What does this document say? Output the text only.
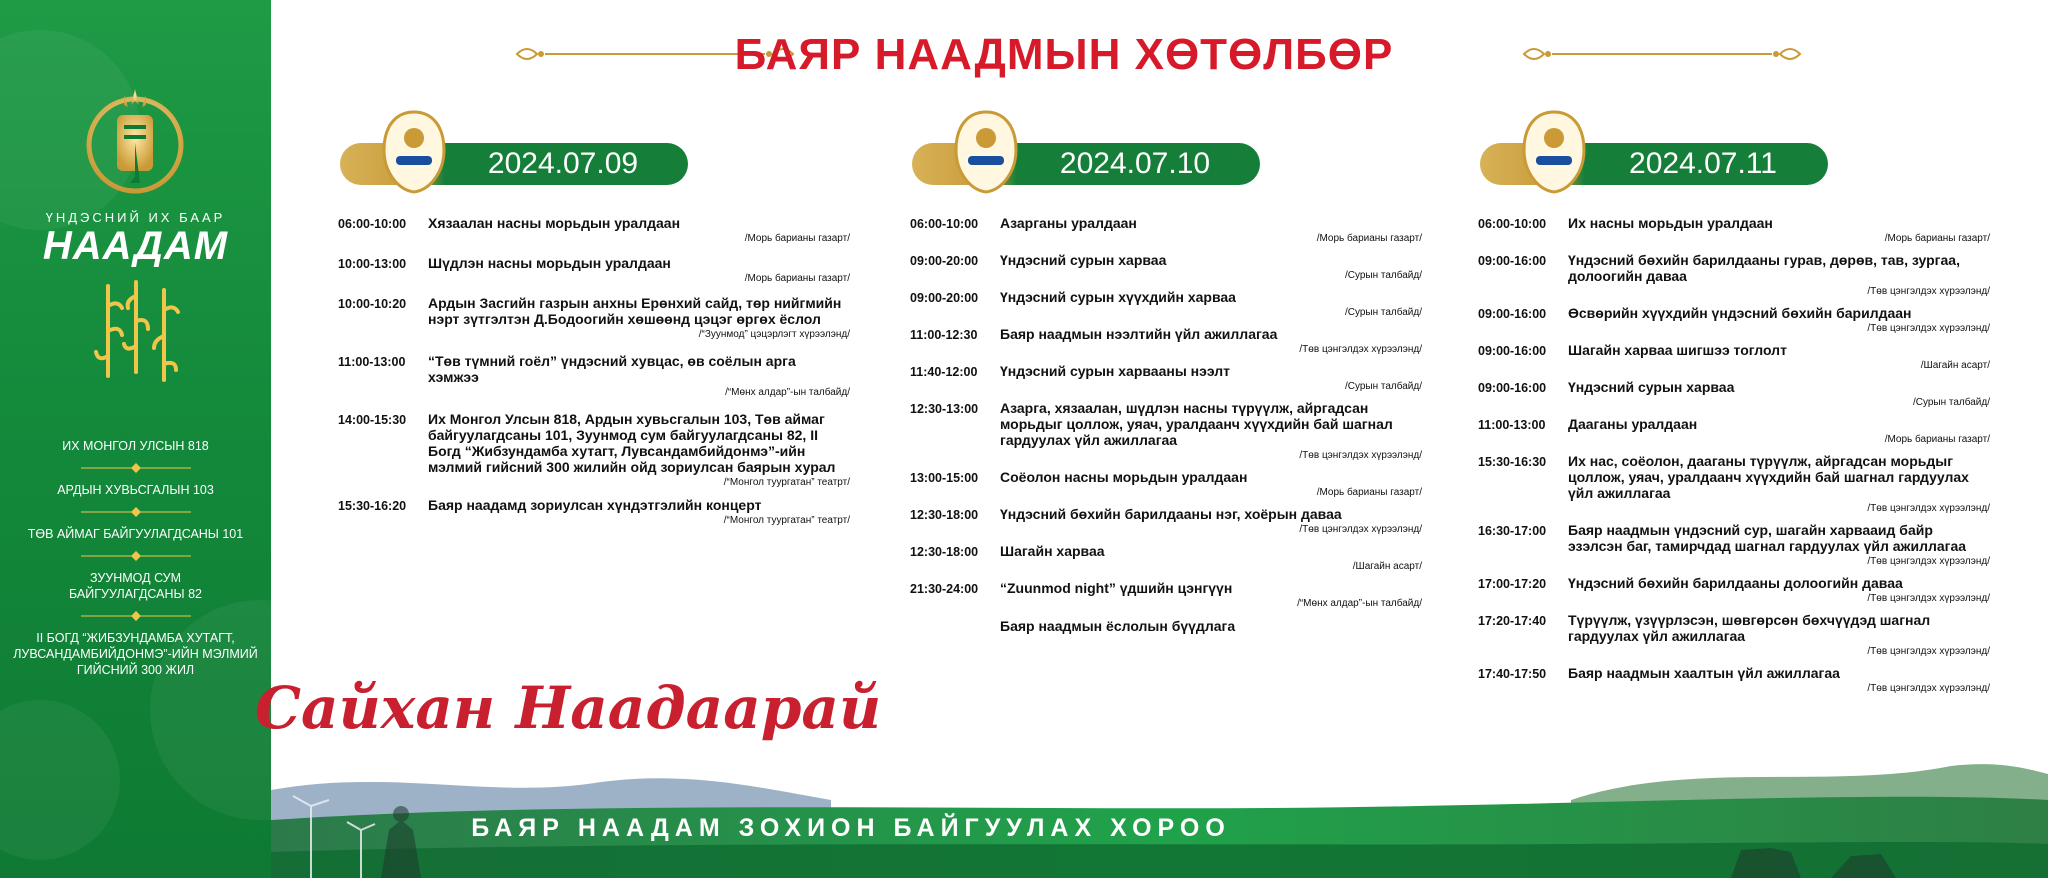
ҮНДЭСНИЙ ИХ БААР
НААДАМ
ИХ МОНГОЛ УЛСЫН 818
АРДЫН ХУВЬСГАЛЫН 103
ТӨВ АЙМАГ БАЙГУУЛАГДСАНЫ 101
ЗУУНМОД СУМ БАЙГУУЛАГДСАНЫ 82
II БОГД “ЖИБЗУНДАМБА ХУТАГТ, ЛУВСАНДАМБИЙДОНМЭ”-ИЙН МЭЛМИЙ ГИЙСНИЙ 300 ЖИЛ
БАЯР НААДМЫН ХӨТӨЛБӨР
2024.07.09
06:00-10:00	Хязаалан насны морьдын уралдаан
/Морь барианы газарт/
10:00-13:00	Шүдлэн насны морьдын уралдаан
/Морь барианы газарт/
10:00-10:20	Ардын Засгийн газрын анхны Ерөнхий сайд, төр нийгмийн нэрт зүтгэлтэн Д.Бодоогийн хөшөөнд цэцэг өргөх ёслол
/“Зуунмод” цэцэрлэгт хүрээлэнд/
11:00-13:00	“Төв түмний гоёл” үндэсний хувцас, өв соёлын арга хэмжээ
/“Мөнх алдар”-ын талбайд/
14:00-15:30	Их Монгол Улсын 818, Ардын хувьсгалын 103, Төв аймаг байгуулагдсаны 101, Зуунмод сум байгуулагдсаны 82, II Богд “Жибзундамба хутагт, Лувсандамбийдонмэ”-ийн мэлмий гийсний 300 жилийн ойд зориулсан баярын хурал
/“Монгол туургатан” театрт/
15:30-16:20	Баяр наадамд зориулсан хүндэтгэлийн концерт
/“Монгол туургатан” театрт/
2024.07.10
06:00-10:00	Азарганы уралдаан
/Морь барианы газарт/
09:00-20:00	Үндэсний сурын харваа
/Сурын талбайд/
09:00-20:00	Үндэсний сурын хүүхдийн харваа
/Сурын талбайд/
11:00-12:30	Баяр наадмын нээлтийн үйл ажиллагаа
/Төв цэнгэлдэх хүрээлэнд/
11:40-12:00	Үндэсний сурын харвааны нээлт
/Сурын талбайд/
12:30-13:00	Азарга, хязаалан, шүдлэн насны түрүүлж, айргадсан морьдыг цоллож, уяач, уралдаанч хүүхдийн бай шагнал гардуулах үйл ажиллагаа
/Төв цэнгэлдэх хүрээлэнд/
13:00-15:00	Соёолон насны морьдын уралдаан
/Морь барианы газарт/
12:30-18:00	Үндэсний бөхийн барилдааны нэг, хоёрын даваа
/Төв цэнгэлдэх хүрээлэнд/
12:30-18:00	Шагайн харваа
/Шагайн асарт/
21:30-24:00	“Zuunmod night” үдшийн цэнгүүн
/“Мөнх алдар”-ын талбайд/
Баяр наадмын ёслолын бүүдлага
2024.07.11
06:00-10:00	Их насны морьдын уралдаан
/Морь барианы газарт/
09:00-16:00	Үндэсний бөхийн барилдааны гурав, дөрөв, тав, зургаа, долоогийн даваа
/Төв цэнгэлдэх хүрээлэнд/
09:00-16:00	Өсвөрийн хүүхдийн үндэсний бөхийн барилдаан
/Төв цэнгэлдэх хүрээлэнд/
09:00-16:00	Шагайн харваа шигшээ тоглолт
/Шагайн асарт/
09:00-16:00	Үндэсний сурын харваа
/Сурын талбайд/
11:00-13:00	Дааганы уралдаан
/Морь барианы газарт/
15:30-16:30	Их нас, соёолон, дааганы түрүүлж, айргадсан морьдыг цоллож, уяач, уралдаанч хүүхдийн бай шагнал гардуулах үйл ажиллагаа
/Төв цэнгэлдэх хүрээлэнд/
16:30-17:00	Баяр наадмын үндэсний сур, шагайн харвааид байр эзэлсэн баг, тамирчдад шагнал гардуулах үйл ажиллагаа
/Төв цэнгэлдэх хүрээлэнд/
17:00-17:20	Үндэсний бөхийн барилдааны долоогийн даваа
/Төв цэнгэлдэх хүрээлэнд/
17:20-17:40	Түрүүлж, үзүүрлэсэн, шөвгөрсөн бөхчүүдэд шагнал гардуулах үйл ажиллагаа
/Төв цэнгэлдэх хүрээлэнд/
17:40-17:50	Баяр наадмын хаалтын үйл ажиллагаа
/Төв цэнгэлдэх хүрээлэнд/
Сайхан Наадаарай
БАЯР НААДАМ ЗОХИОН БАЙГУУЛАХ ХОРОО
